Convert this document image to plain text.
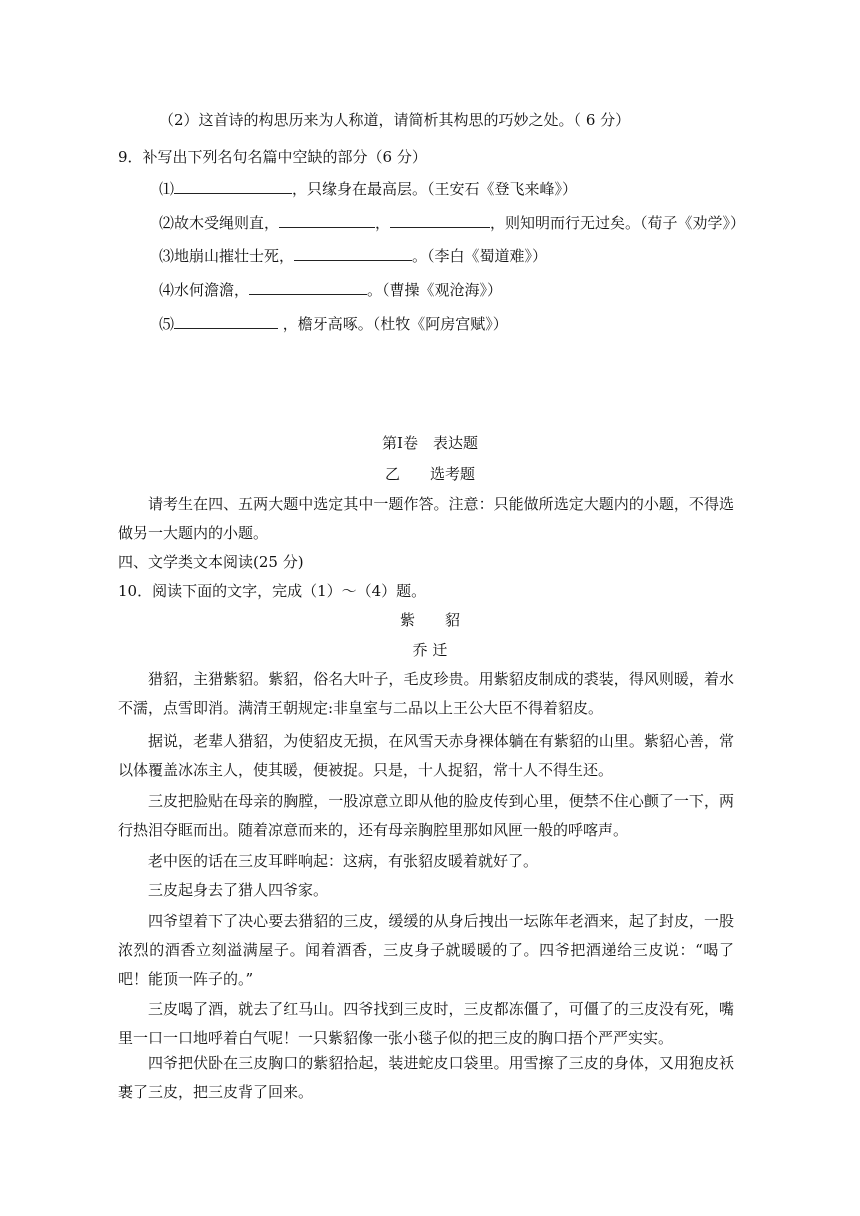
（2）这首诗的构思历来为人称道，请简析其构思的巧妙之处。（ 6 分）
9．补写出下列名句名篇中空缺的部分（6 分）
⑴	，只缘身在最高层。（王安石《登飞来峰》）
⑵故木受绳则直，	，	，则知明而行无过矣。（荀子《劝学》）
⑶地崩山摧壮士死，	。（李白《蜀道难》）
⑷水何澹澹，	。（曹操《观沧海》）
⑸	，檐牙高啄。（杜牧《阿房宫赋》）
第Ⅰ卷　表达题
乙　　选考题
请考生在四、五两大题中选定其中一题作答。注意：只能做所选定大题内的小题，不得选做另一大题内的小题。
四、文学类文本阅读(25 分)
10．阅读下面的文字，完成（1）～（4）题。
紫　　貂
乔 迁
猎貂，主猎紫貂。紫貂，俗名大叶子，毛皮珍贵。用紫貂皮制成的裘装，得风则暖，着水不濡，点雪即消。满清王朝规定:非皇室与二品以上王公大臣不得着貂皮。
据说，老辈人猎貂，为使貂皮无损，在风雪天赤身裸体躺在有紫貂的山里。紫貂心善，常以体覆盖冰冻主人，使其暖，便被捉。只是，十人捉貂，常十人不得生还。
三皮把脸贴在母亲的胸膛，一股凉意立即从他的脸皮传到心里，便禁不住心颤了一下，两行热泪夺眶而出。随着凉意而来的，还有母亲胸腔里那如风匣一般的呼喀声。
老中医的话在三皮耳畔响起：这病，有张貂皮暖着就好了。
三皮起身去了猎人四爷家。
四爷望着下了决心要去猎貂的三皮，缓缓的从身后拽出一坛陈年老酒来，起了封皮，一股浓烈的酒香立刻溢满屋子。闻着酒香，三皮身子就暖暖的了。四爷把酒递给三皮说：“喝了吧！能顶一阵子的。”
三皮喝了酒，就去了红马山。四爷找到三皮时，三皮都冻僵了，可僵了的三皮没有死，嘴里一口一口地呼着白气呢！一只紫貂像一张小毯子似的把三皮的胸口捂个严严实实。
四爷把伏卧在三皮胸口的紫貂拾起，装进蛇皮口袋里。用雪擦了三皮的身体，又用狍皮袄裹了三皮，把三皮背了回来。
